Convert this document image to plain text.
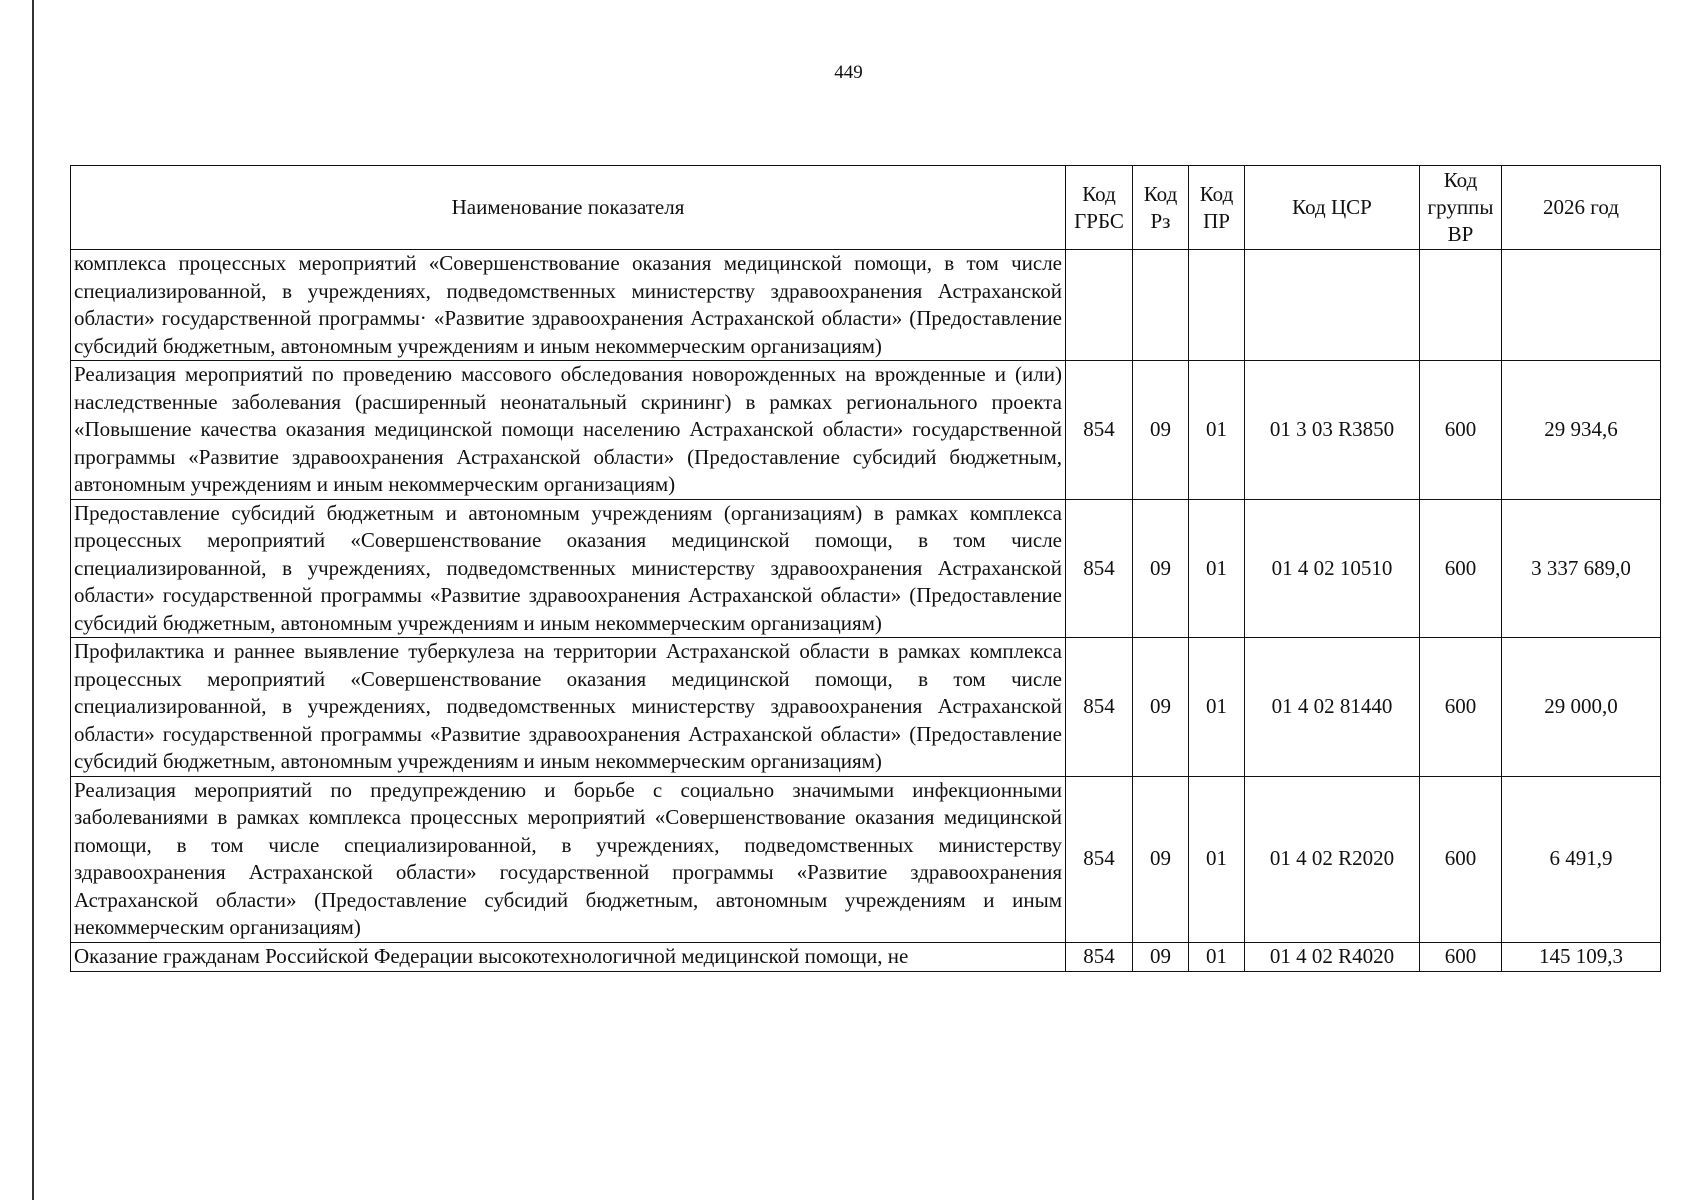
449
Наименование показателя	Код ГРБС	Код Рз	Код ПР	Код ЦСР	Код группы ВР	2026 год
комплекса процессных мероприятий «Совершенствование оказания медицинской помощи, в том числе специализированной, в учреждениях, подведомственных министерству здравоохранения Астраханской области» государственной программы· «Развитие здравоохранения Астраханской области» (Предоставление субсидий бюджетным, автономным учреждениям и иным некоммерческим организациям)						
Реализация мероприятий по проведению массового обследования новорожденных на врожденные и (или) наследственные заболевания (расширенный неонатальный скрининг) в рамках регионального проекта «Повышение качества оказания медицинской помощи населению Астраханской области» государственной программы «Развитие здравоохранения Астраханской области» (Предоставление субсидий бюджетным, автономным учреждениям и иным некоммерческим организациям)	854	09	01	01 3 03 R3850	600	29 934,6
Предоставление субсидий бюджетным и автономным учреждениям (организациям) в рамках комплекса процессных мероприятий «Совершенствование оказания медицинской помощи, в том числе специализированной, в учреждениях, подведомственных министерству здравоохранения Астраханской области» государственной программы «Развитие здравоохранения Астраханской области» (Предоставление субсидий бюджетным, автономным учреждениям и иным некоммерческим организациям)	854	09	01	01 4 02 10510	600	3 337 689,0
Профилактика и раннее выявление туберкулеза на территории Астраханской области в рамках комплекса процессных мероприятий «Совершенствование оказания медицинской помощи, в том числе специализированной, в учреждениях, подведомственных министерству здравоохранения Астраханской области» государственной программы «Развитие здравоохранения Астраханской области» (Предоставление субсидий бюджетным, автономным учреждениям и иным некоммерческим организациям)	854	09	01	01 4 02 81440	600	29 000,0
Реализация мероприятий по предупреждению и борьбе с социально значимыми инфекционными заболеваниями в рамках комплекса процессных мероприятий «Совершенствование оказания медицинской помощи, в том числе специализированной, в учреждениях, подведомственных министерству здравоохранения Астраханской области» государственной программы «Развитие здравоохранения Астраханской области» (Предоставление субсидий бюджетным, автономным учреждениям и иным некоммерческим организациям)	854	09	01	01 4 02 R2020	600	6 491,9
Оказание гражданам Российской Федерации высокотехнологичной медицинской помощи, не	854	09	01	01 4 02 R4020	600	145 109,3
